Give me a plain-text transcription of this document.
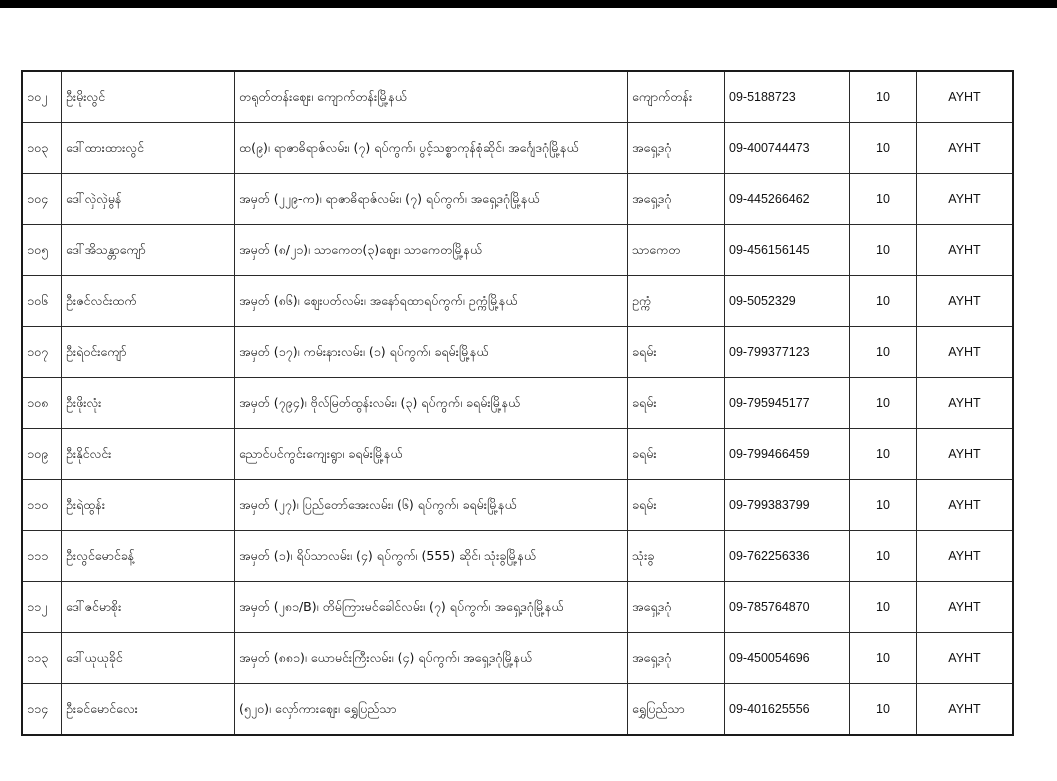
၁၀၂	ဦးမိုးလွင်	တရုတ်တန်းဈေး၊ ကျောက်တန်းမြို့နယ်	ကျောက်တန်း	09-5188723	10	AYHT
၁၀၃	ဒေါ်ထားထားလွင်	ထ(၉)၊ ရာဇာဓိရာဇ်လမ်း၊ (၇) ရပ်ကွက်၊ ပွင့်သစ္စာကုန်စုံဆိုင်၊ အင်္ဂျေဒဂုံမြို့နယ်	အရှေ့ဒဂုံ	09-400744473	10	AYHT
၁၀၄	ဒေါ်လှဲလှဲမွန်	အမှတ် (၂၂၉-က)၊ ရာဇာဓိရာဇ်လမ်း၊ (၇) ရပ်ကွက်၊ အရှေ့ဒဂုံမြို့နယ်	အရှေ့ဒဂုံ	09-445266462	10	AYHT
၁၀၅	ဒေါ်အိသန္တာကျော်	အမှတ် (၈/၂၁)၊ သာကေတ(၃)ဈေး၊ သာကေတမြို့နယ်	သာကေတ	09-456156145	10	AYHT
၁၀၆	ဦးဇင်လင်းထက်	အမှတ် (၈၆)၊ ဈေးပတ်လမ်း၊ အနော်ရထာရပ်ကွက်၊ ဥက္ကံမြို့နယ်	ဥက္ကံ	09-5052329	10	AYHT
၁၀၇	ဦးရဲဝင်းကျော်	အမှတ် (၁၇)၊ ကမ်းနားလမ်း၊ (၁) ရပ်ကွက်၊ ခရမ်းမြို့နယ်	ခရမ်း	09-799377123	10	AYHT
၁၀၈	ဦးဖိုးလုံး	အမှတ် (၇၉၄)၊ ဗိုလ်မြတ်ထွန်းလမ်း၊ (၃) ရပ်ကွက်၊ ခရမ်းမြို့နယ်	ခရမ်း	09-795945177	10	AYHT
၁၀၉	ဦးနိုင်လင်း	ညောင်ပင်ကွင်းကျေးရွာ၊ ခရမ်းမြို့နယ်	ခရမ်း	09-799466459	10	AYHT
၁၁၀	ဦးရဲထွန်း	အမှတ် (၂၇)၊ ပြည်တော်အေးလမ်း၊ (၆) ရပ်ကွက်၊ ခရမ်းမြို့နယ်	ခရမ်း	09-799383799	10	AYHT
၁၁၁	ဦးလွင်မောင်ခန့်	အမှတ် (၁)၊ ရိပ်သာလမ်း၊ (၄) ရပ်ကွက်၊ (555) ဆိုင်၊ သုံးခွမြို့နယ်	သုံးခွ	09-762256336	10	AYHT
၁၁၂	ဒေါ်ဇင်မာစိုး	အမှတ် (၂၈၁/B)၊ တိမ်ကြားမင်ခေါင်လမ်း၊ (၇) ရပ်ကွက်၊ အရှေ့ဒဂုံမြို့နယ်	အရှေ့ဒဂုံ	09-785764870	10	AYHT
၁၁၃	ဒေါ်ယုယုခိုင်	အမှတ် (၈၈၁)၊ ယောမင်းကြီးလမ်း၊ (၄) ရပ်ကွက်၊ အရှေ့ဒဂုံမြို့နယ်	အရှေ့ဒဂုံ	09-450054696	10	AYHT
၁၁၄	ဦးခင်မောင်လေး	(၅၂၀)၊ လှော်ကားဈေး၊ ရွှေပြည်သာ	ရွှေပြည်သာ	09-401625556	10	AYHT
